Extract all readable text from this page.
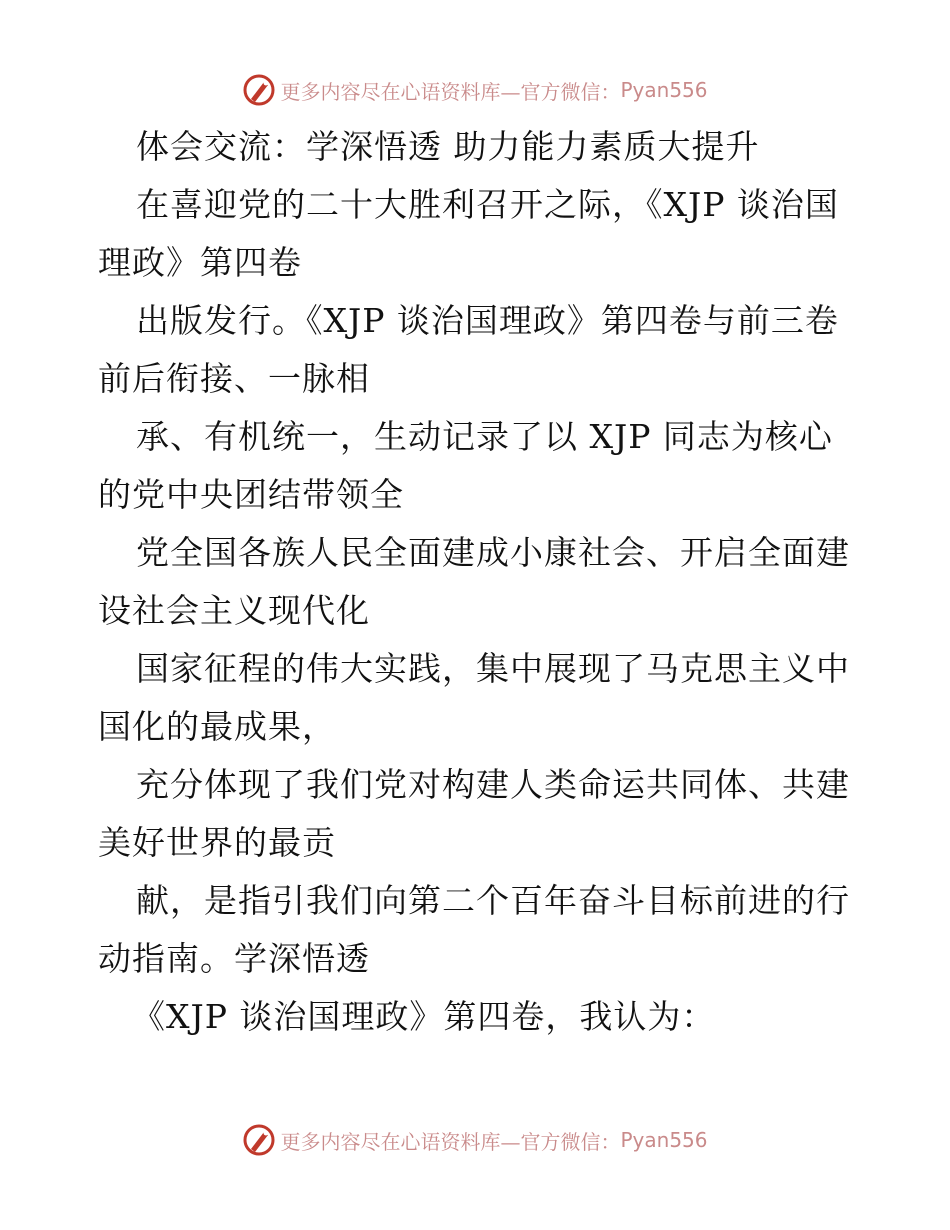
更多内容尽在心语资料库—官方微信： Pyan556
体会交流：学深悟透 助力能力素质大提升
在喜迎党的二十大胜利召开之际，《XJP 谈治国
理政》第四卷
出版发行。《XJP 谈治国理政》第四卷与前三卷
前后衔接、一脉相
承、有机统一，生动记录了以 XJP 同志为核心
的党中央团结带领全
党全国各族人民全面建成小康社会、开启全面建
设社会主义现代化
国家征程的伟大实践，集中展现了马克思主义中
国化的最成果，
充分体现了我们党对构建人类命运共同体、共建
美好世界的最贡
献，是指引我们向第二个百年奋斗目标前进的行
动指南。学深悟透
《XJP 谈治国理政》第四卷，我认为：
更多内容尽在心语资料库—官方微信： Pyan556
